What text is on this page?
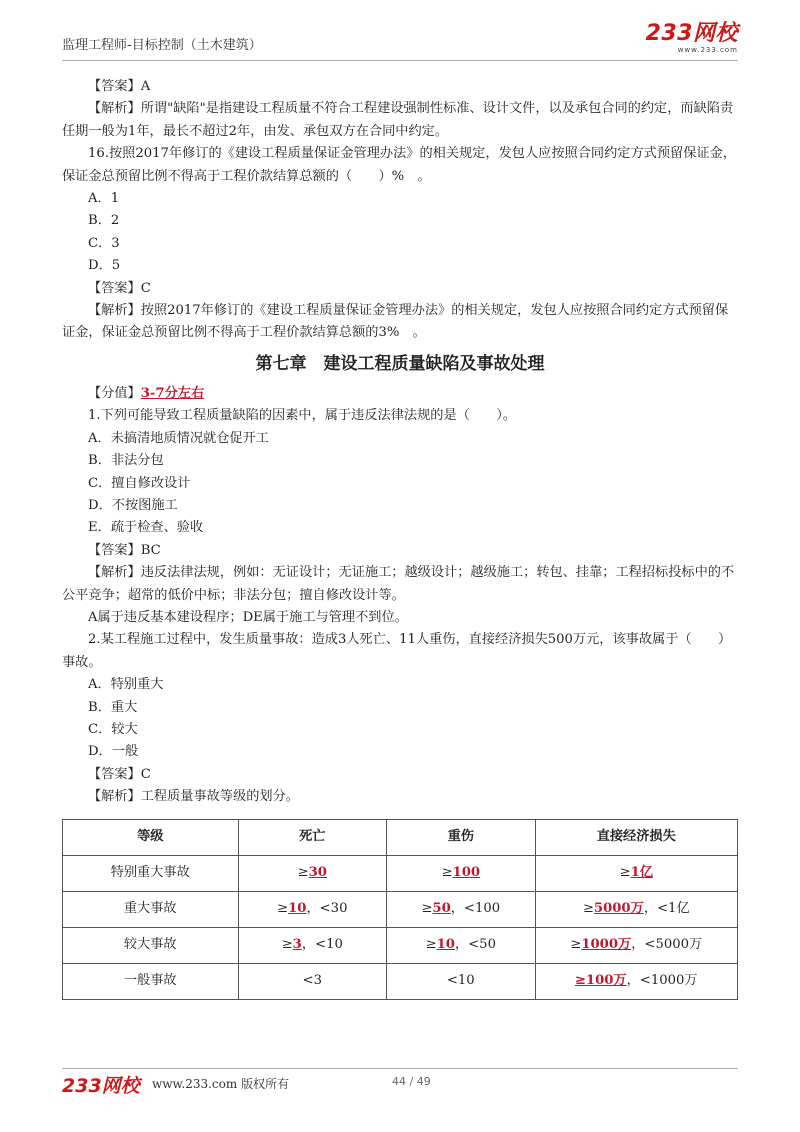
监理工程师-目标控制（土木建筑）	233网校
www.233.com

【答案】A

【解析】所谓"缺陷"是指建设工程质量不符合工程建设强制性标准、设计文件，以及承包合同的约定，而缺陷责任期一般为1年，最长不超过2年，由发、承包双方在合同中约定。

16.按照2017年修订的《建设工程质量保证金管理办法》的相关规定，发包人应按照合同约定方式预留保证金，保证金总预留比例不得高于工程价款结算总额的（　　）%　。

A．1

B．2

C．3

D．5

【答案】C

【解析】按照2017年修订的《建设工程质量保证金管理办法》的相关规定，发包人应按照合同约定方式预留保证金，保证金总预留比例不得高于工程价款结算总额的3%　。

第七章　建设工程质量缺陷及事故处理

【分值】3-7分左右

1.下列可能导致工程质量缺陷的因素中，属于违反法律法规的是（　　）。

A．未搞清地质情况就仓促开工

B．非法分包

C．擅自修改设计

D．不按图施工

E．疏于检查、验收

【答案】BC

【解析】违反法律法规，例如：无证设计；无证施工；越级设计；越级施工；转包、挂靠；工程招标投标中的不公平竞争；超常的低价中标；非法分包；擅自修改设计等。

A属于违反基本建设程序；DE属于施工与管理不到位。

2.某工程施工过程中，发生质量事故：造成3人死亡、11人重伤，直接经济损失500万元，该事故属于（　　）事故。

A．特别重大

B．重大

C．较大

D．一般

【答案】C

【解析】工程质量事故等级的划分。

等级	死亡	重伤	直接经济损失
特别重大事故	≥30	≥100	≥1亿
重大事故	≥10，<30	≥50，<100	≥5000万，<1亿
较大事故	≥3，<10	≥10，<50	≥1000万，<5000万
一般事故	<3	<10	≥100万，<1000万
233网校 www.233.com 版权所有	44 / 49
